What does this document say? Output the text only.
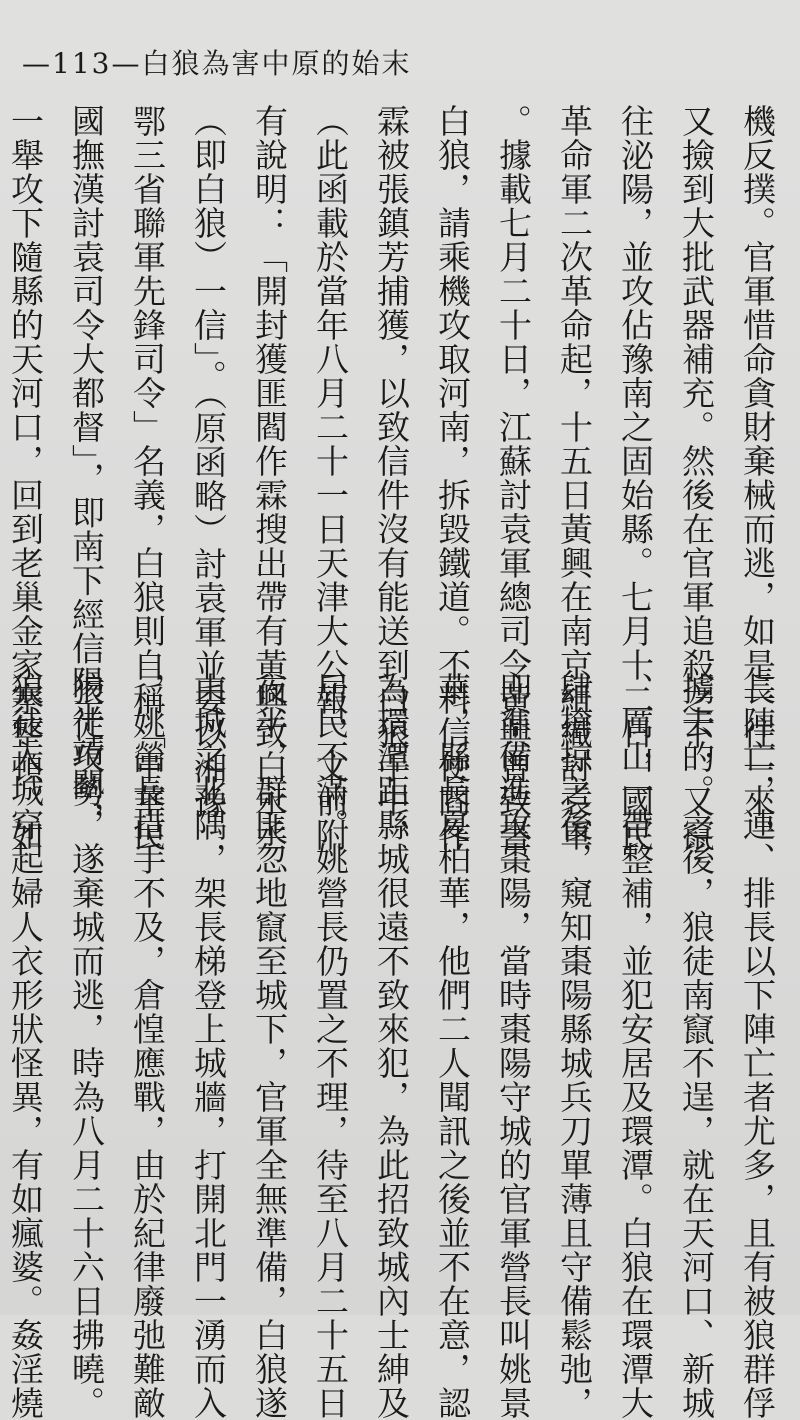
—113—白狼為害中原的始末
機反撲。官軍惜命貪財棄械而逃，如是一往一來，
又撿到大批武器補充。然後在官軍追殺之下，又竄
往泌陽，並攻佔豫南之固始縣。七月十二日，國民
革命軍二次革命起，十五日黃興在南京組織討袁軍
。據載七月二十日，江蘇討袁軍總司令黃興曾致書
白狼，請乘機攻取河南，拆毀鐵道。不料信使閻作
霖被張鎮芳捕獲，以致信件沒有能送到白狼手中，
（此函載於當年八月二十一日天津大公報，文前附
有說明：「開封獲匪閻作霖搜出帶有黃興致白永丞
（即白狼）一信」。（原函略）討袁軍並委以湘豫
鄂三省聯軍先鋒司令」名義，白狼則自稱「中華民
國撫漢討袁司令大都督」，即南下經信陽平靖關，
一舉攻下隨縣的天河口，回到老巢金家寨整頓。如
長陣亡，連、排長以下陣亡者尤多，且有被狼群俘
擄去的。之後，狼徒南竄不逞，就在天河口、新城
、厲山一帶整補，並犯安居及環潭。白狼在環潭大
肆搶掠之後，窺知棗陽縣城兵刀單薄且守備鬆弛，
即準備進攻棗陽，當時棗陽守城的官軍營長叫姚景
華，縣長夏柏華，他們二人聞訊之後並不在意，認
為環潭距縣城很遠不致來犯，為此招致城內士紳及
居民不滿。姚營長仍置之不理，待至八月二十五日
夜半，群匪忽地竄至城下，官軍全無準備，白狼遂
由城之北隅，架長梯登上城牆，打開北門一湧而入
，姚營長措手不及，倉惶應戰，由於紀律廢弛難敵
狼徒攻勢，遂棄城而逃，時為八月二十六日拂曉。
狼徒入城穿起婦人衣形狀怪異，有如瘋婆。姦淫燒
